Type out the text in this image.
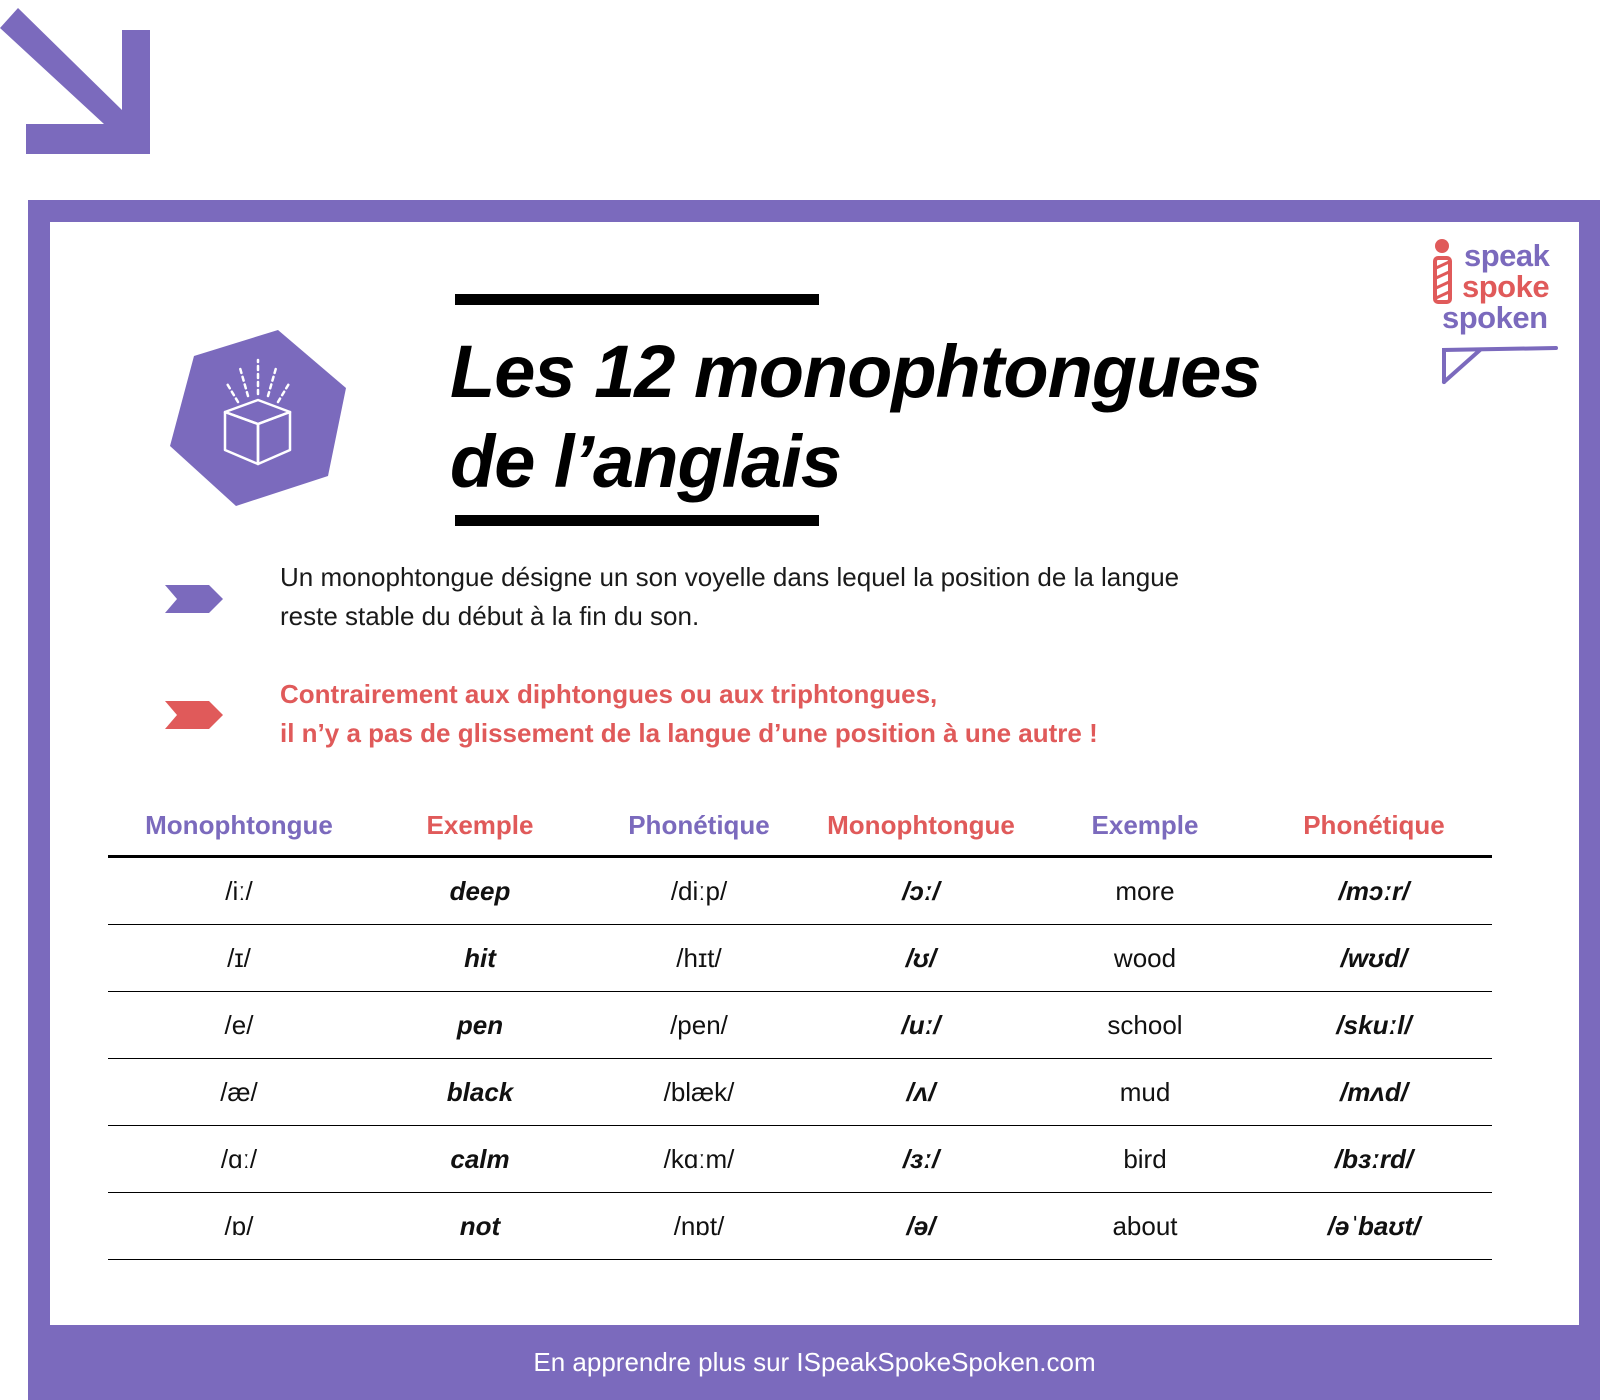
speak
spoke
spoken
Les 12 monophtongues
de l’anglais

Un monophtongue désigne un son voyelle dans lequel la position de la langue
reste stable du début à la fin du son.

Contrairement aux diphtongues ou aux triphtongues,
il n’y a pas de glissement de la langue d’une position à une autre !

Monophtongue	Exemple	Phonétique	Monophtongue	Exemple	Phonétique
/iː/	deep	/diːp/	/ɔː/	more	/mɔːr/
/ɪ/	hit	/hɪt/	/ʊ/	wood	/wʊd/
/e/	pen	/pen/	/uː/	school	/skuːl/
/æ/	black	/blæk/	/ʌ/	mud	/mʌd/
/ɑː/	calm	/kɑːm/	/ɜː/	bird	/bɜːrd/
/ɒ/	not	/nɒt/	/ə/	about	/əˈbaʊt/
En apprendre plus sur ISpeakSpokeSpoken.com
